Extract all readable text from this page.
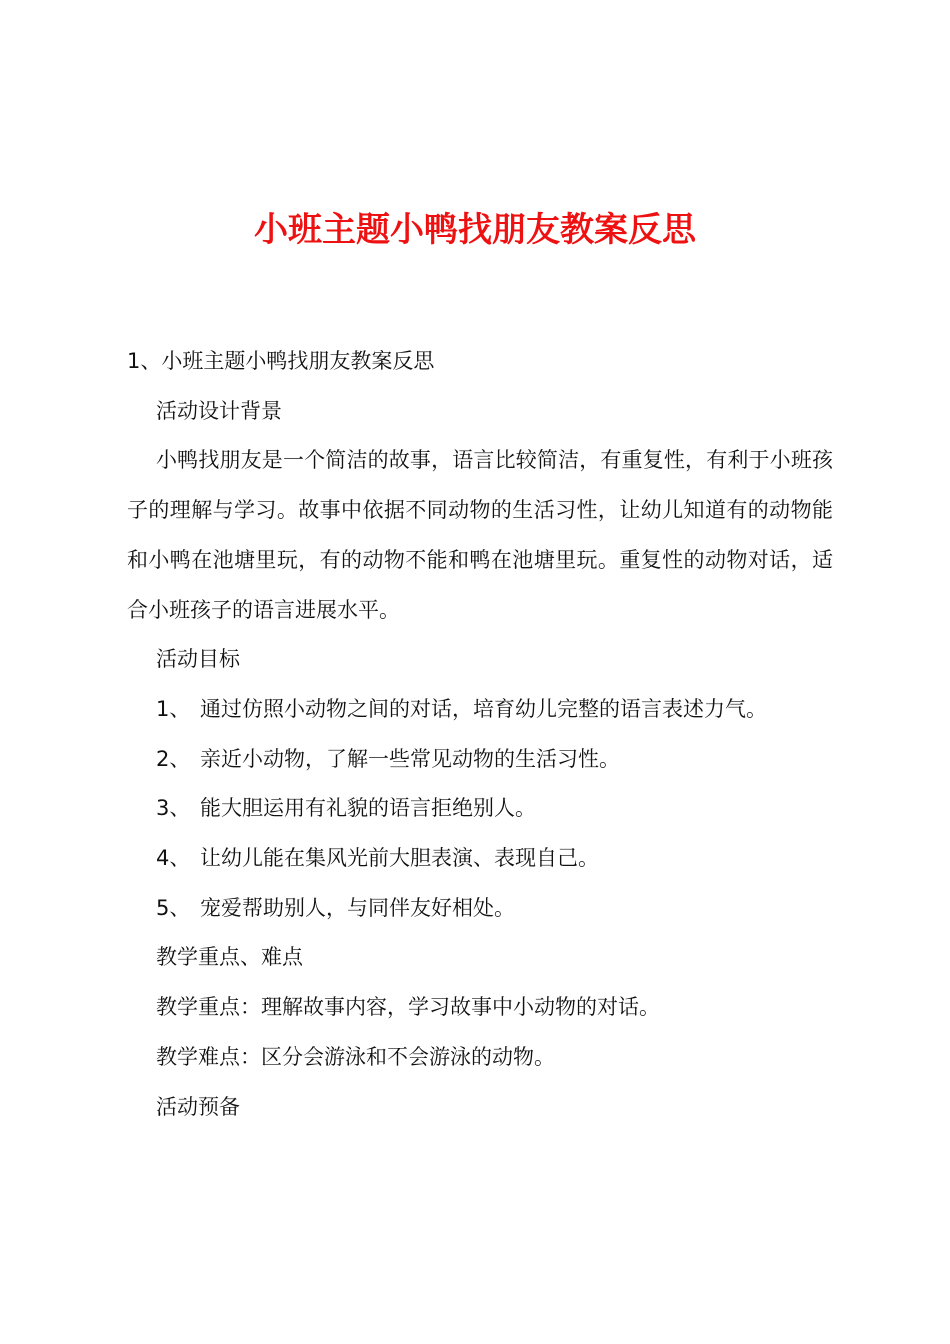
小班主题小鸭找朋友教案反思

1、小班主题小鸭找朋友教案反思

活动设计背景

小鸭找朋友是一个简洁的故事，语言比较简洁，有重复性，有利于小班孩子的理解与学习。故事中依据不同动物的生活习性，让幼儿知道有的动物能和小鸭在池塘里玩，有的动物不能和鸭在池塘里玩。重复性的动物对话，适合小班孩子的语言进展水平。

活动目标

1、 通过仿照小动物之间的对话，培育幼儿完整的语言表述力气。

2、 亲近小动物，了解一些常见动物的生活习性。

3、 能大胆运用有礼貌的语言拒绝别人。

4、 让幼儿能在集风光前大胆表演、表现自己。

5、 宠爱帮助别人，与同伴友好相处。

教学重点、难点

教学重点：理解故事内容，学习故事中小动物的对话。

教学难点：区分会游泳和不会游泳的动物。

活动预备
